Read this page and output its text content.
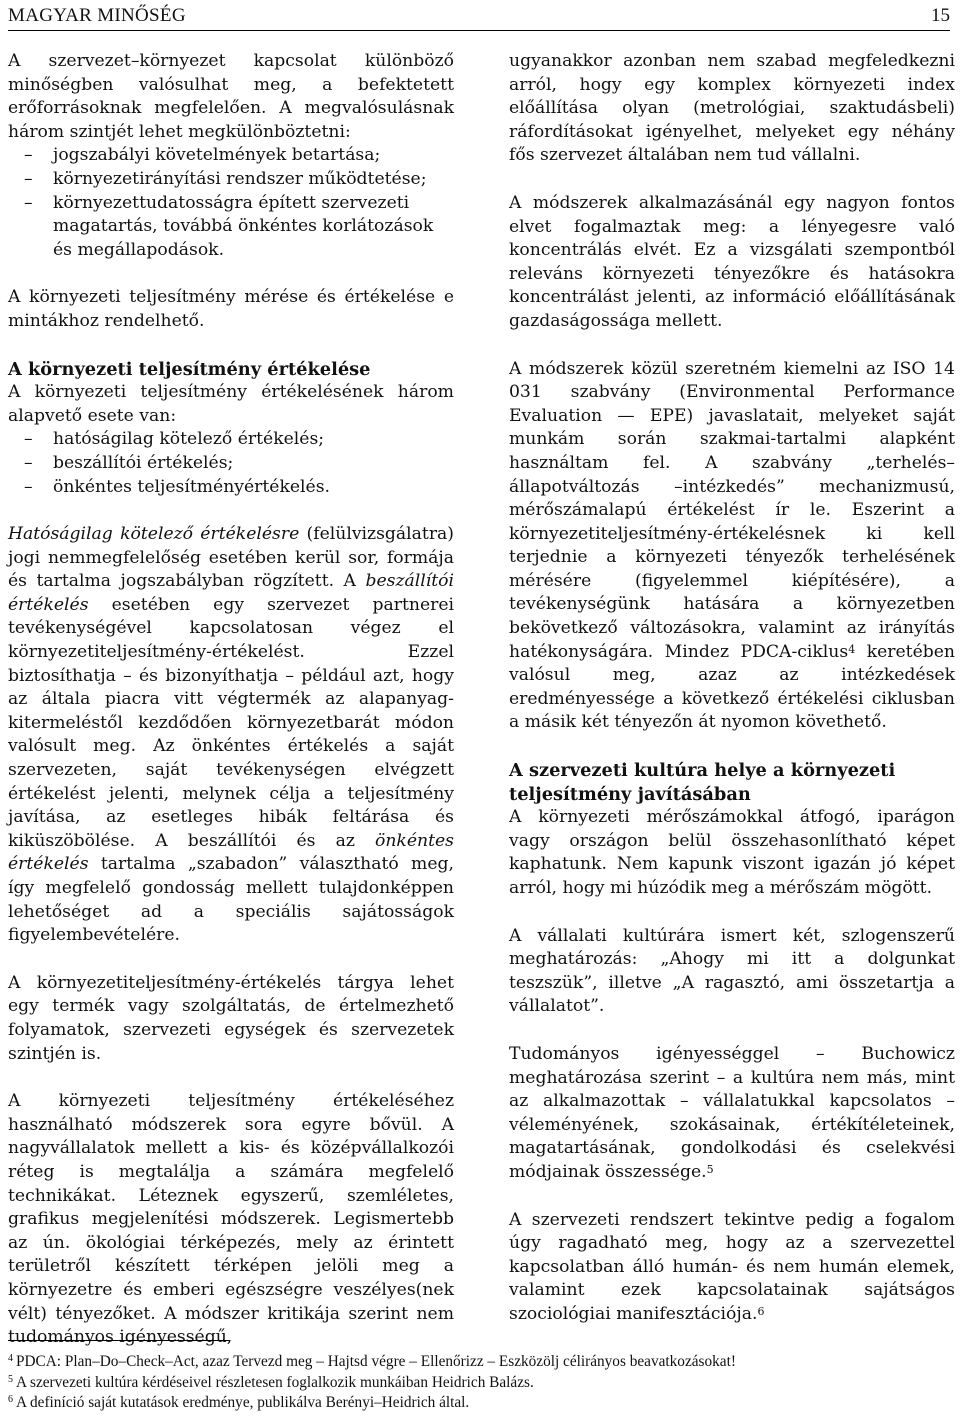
MAGYAR MINŐSÉG	15

A szervezet–környezet kapcsolat különböző minőségben valósulhat meg, a befektetett erőforrásoknak megfelelően. A megvalósulásnak három szintjét lehet megkülönböztetni:

– jogszabályi követelmények betartása;
– környezetirányítási rendszer működtetése;
– környezettudatosságra épített szervezeti magatartás, továbbá önkéntes korlátozások és megállapodások.

A környezeti teljesítmény mérése és értékelése e mintákhoz rendelhető.

A környezeti teljesítmény értékelése

A környezeti teljesítmény értékelésének három alapvető esete van:

– hatóságilag kötelező értékelés;
– beszállítói értékelés;
– önkéntes teljesítményértékelés.

Hatóságilag kötelező értékelésre (felülvizsgálatra) jogi nemmegfelelőség esetében kerül sor, formája és tartalma jogszabályban rögzített. A beszállítói értékelés esetében egy szervezet partnerei tevékenységével kapcsolatosan végez el környezetiteljesítmény-értékelést. Ezzel biztosíthatja – és bizonyíthatja – például azt, hogy az általa piacra vitt végtermék az alapanyag-kitermeléstől kezdődően környezetbarát módon valósult meg. Az önkéntes értékelés a saját szervezeten, saját tevékenységen elvégzett értékelést jelenti, melynek célja a teljesítmény javítása, az esetleges hibák feltárása és kiküszöbölése. A beszállítói és az önkéntes értékelés tartalma „szabadon” választható meg, így megfelelő gondosság mellett tulajdonképpen lehetőséget ad a speciális sajátosságok figyelembevételére.

A környezetiteljesítmény-értékelés tárgya lehet egy termék vagy szolgáltatás, de értelmezhető folyamatok, szervezeti egységek és szervezetek szintjén is.

A környezeti teljesítmény értékeléséhez használható módszerek sora egyre bővül. A nagyvállalatok mellett a kis- és középvállalkozói réteg is megtalálja a számára megfelelő technikákat. Léteznek egyszerű, szemléletes, grafikus megjelenítési módszerek. Legismertebb az ún. ökológiai térképezés, mely az érintett területről készített térképen jelöli meg a környezetre és emberi egészségre veszélyes(nek vélt) tényezőket. A módszer kritikája szerint nem tudományos igényességű,

ugyanakkor azonban nem szabad megfeledkezni arról, hogy egy komplex környezeti index előállítása olyan (metrológiai, szaktudásbeli) ráfordításokat igényelhet, melyeket egy néhány fős szervezet általában nem tud vállalni.

A módszerek alkalmazásánál egy nagyon fontos elvet fogalmaztak meg: a lényegesre való koncentrálás elvét. Ez a vizsgálati szempontból releváns környezeti tényezőkre és hatásokra koncentrálást jelenti, az információ előállításának gazdaságossága mellett.

A módszerek közül szeretném kiemelni az ISO 14 031 szabvány (Environmental Performance Evaluation — EPE) javaslatait, melyeket saját munkám során szakmai-tartalmi alapként használtam fel. A szabvány „terhelés–állapotváltozás –intézkedés” mechanizmusú, mérőszámalapú értékelést ír le. Eszerint a környezetiteljesítmény-értékelésnek ki kell terjednie a környezeti tényezők terhelésének mérésére (figyelemmel kiépítésére), a tevékenységünk hatására a környezetben bekövetkező változásokra, valamint az irányítás hatékonyságára. Mindez PDCA-ciklus$^4$ keretében valósul meg, azaz az intézkedések eredményessége a következő értékelési ciklusban a másik két tényezőn át nyomon követhető.

A szervezeti kultúra helye a környezeti teljesítmény javításában

A környezeti mérőszámokkal átfogó, iparágon vagy országon belül összehasonlítható képet kaphatunk. Nem kapunk viszont igazán jó képet arról, hogy mi húzódik meg a mérőszám mögött.

A vállalati kultúrára ismert két, szlogenszerű meghatározás: „Ahogy mi itt a dolgunkat teszszük”, illetve „A ragasztó, ami összetartja a vállalatot”.

Tudományos igényességgel – Buchowicz meghatározása szerint – a kultúra nem más, mint az alkalmazottak – vállalatukkal kapcsolatos – véleményének, szokásainak, értékítéleteinek, magatartásának, gondolkodási és cselekvési módjainak összessége.$^5$

A szervezeti rendszert tekintve pedig a fogalom úgy ragadható meg, hogy az a szervezettel kapcsolatban álló humán- és nem humán elemek, valamint ezek kapcsolatainak sajátságos szociológiai manifesztációja.$^6$

$^4$ PDCA: Plan–Do–Check–Act, azaz Tervezd meg – Hajtsd végre – Ellenőrizz – Eszközölj célirányos beavatkozásokat!
$^5$ A szervezeti kultúra kérdéseivel részletesen foglalkozik munkáiban Heidrich Balázs.
$^6$ A definíció saját kutatások eredménye, publikálva Berényi–Heidrich által.
